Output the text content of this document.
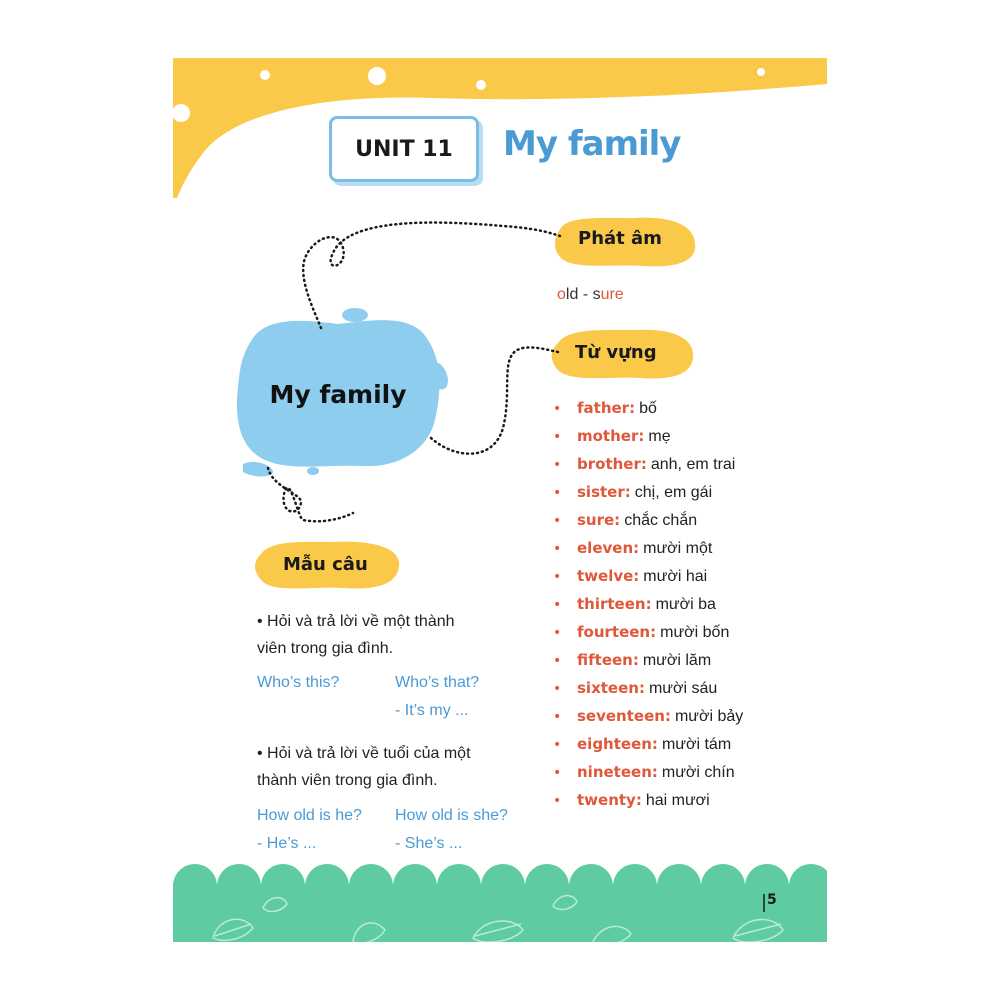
UNIT 11 My family
My family
Phát âm
old - sure
Từ vựng
• father: bố
• mother: mẹ
• brother: anh, em trai
• sister: chị, em gái
• sure: chắc chắn
• eleven: mười một
• twelve: mười hai
• thirteen: mười ba
• fourteen: mười bốn
• fifteen: mười lăm
• sixteen: mười sáu
• seventeen: mười bảy
• eighteen: mười tám
• nineteen: mười chín
• twenty: hai mươi
Mẫu câu
• Hỏi và trả lời về một thành
viên trong gia đình.
Who’s this?	Who’s that?
- It’s my ...
• Hỏi và trả lời về tuổi của một
thành viên trong gia đình.
How old is he? How old is she?
- He’s ...	- She’s ...
5
